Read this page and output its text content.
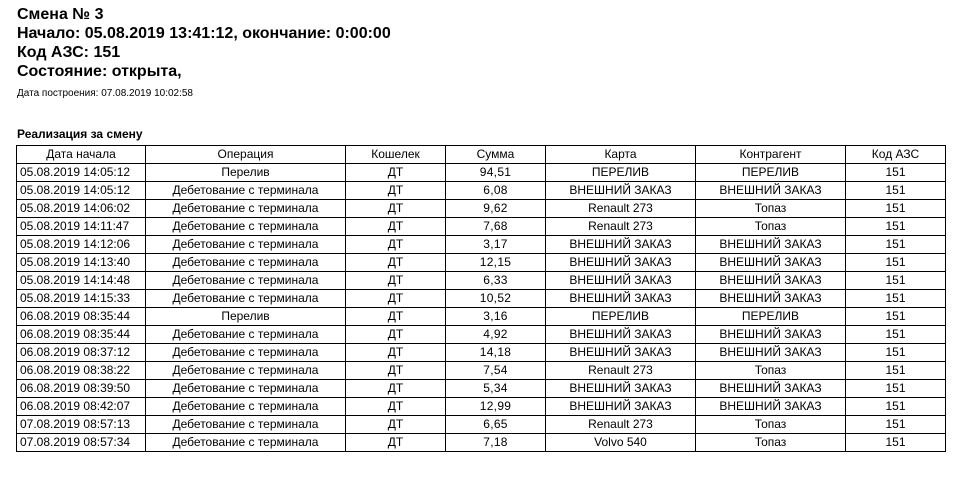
Смена № 3
Начало: 05.08.2019 13:41:12, окончание: 0:00:00
Код АЗС: 151
Состояние: открыта,
Дата построения: 07.08.2019 10:02:58
Реализация за смену
Дата начала	Операция	Кошелек	Сумма	Карта	Контрагент	Код АЗС
05.08.2019 14:05:12	Перелив	ДТ	94,51	ПЕРЕЛИВ	ПЕРЕЛИВ	151
05.08.2019 14:05:12	Дебетование с терминала	ДТ	6,08	ВНЕШНИЙ ЗАКАЗ	ВНЕШНИЙ ЗАКАЗ	151
05.08.2019 14:06:02	Дебетование с терминала	ДТ	9,62	Renault 273	Топаз	151
05.08.2019 14:11:47	Дебетование с терминала	ДТ	7,68	Renault 273	Топаз	151
05.08.2019 14:12:06	Дебетование с терминала	ДТ	3,17	ВНЕШНИЙ ЗАКАЗ	ВНЕШНИЙ ЗАКАЗ	151
05.08.2019 14:13:40	Дебетование с терминала	ДТ	12,15	ВНЕШНИЙ ЗАКАЗ	ВНЕШНИЙ ЗАКАЗ	151
05.08.2019 14:14:48	Дебетование с терминала	ДТ	6,33	ВНЕШНИЙ ЗАКАЗ	ВНЕШНИЙ ЗАКАЗ	151
05.08.2019 14:15:33	Дебетование с терминала	ДТ	10,52	ВНЕШНИЙ ЗАКАЗ	ВНЕШНИЙ ЗАКАЗ	151
06.08.2019 08:35:44	Перелив	ДТ	3,16	ПЕРЕЛИВ	ПЕРЕЛИВ	151
06.08.2019 08:35:44	Дебетование с терминала	ДТ	4,92	ВНЕШНИЙ ЗАКАЗ	ВНЕШНИЙ ЗАКАЗ	151
06.08.2019 08:37:12	Дебетование с терминала	ДТ	14,18	ВНЕШНИЙ ЗАКАЗ	ВНЕШНИЙ ЗАКАЗ	151
06.08.2019 08:38:22	Дебетование с терминала	ДТ	7,54	Renault 273	Топаз	151
06.08.2019 08:39:50	Дебетование с терминала	ДТ	5,34	ВНЕШНИЙ ЗАКАЗ	ВНЕШНИЙ ЗАКАЗ	151
06.08.2019 08:42:07	Дебетование с терминала	ДТ	12,99	ВНЕШНИЙ ЗАКАЗ	ВНЕШНИЙ ЗАКАЗ	151
07.08.2019 08:57:13	Дебетование с терминала	ДТ	6,65	Renault 273	Топаз	151
07.08.2019 08:57:34	Дебетование с терминала	ДТ	7,18	Volvo 540	Топаз	151
